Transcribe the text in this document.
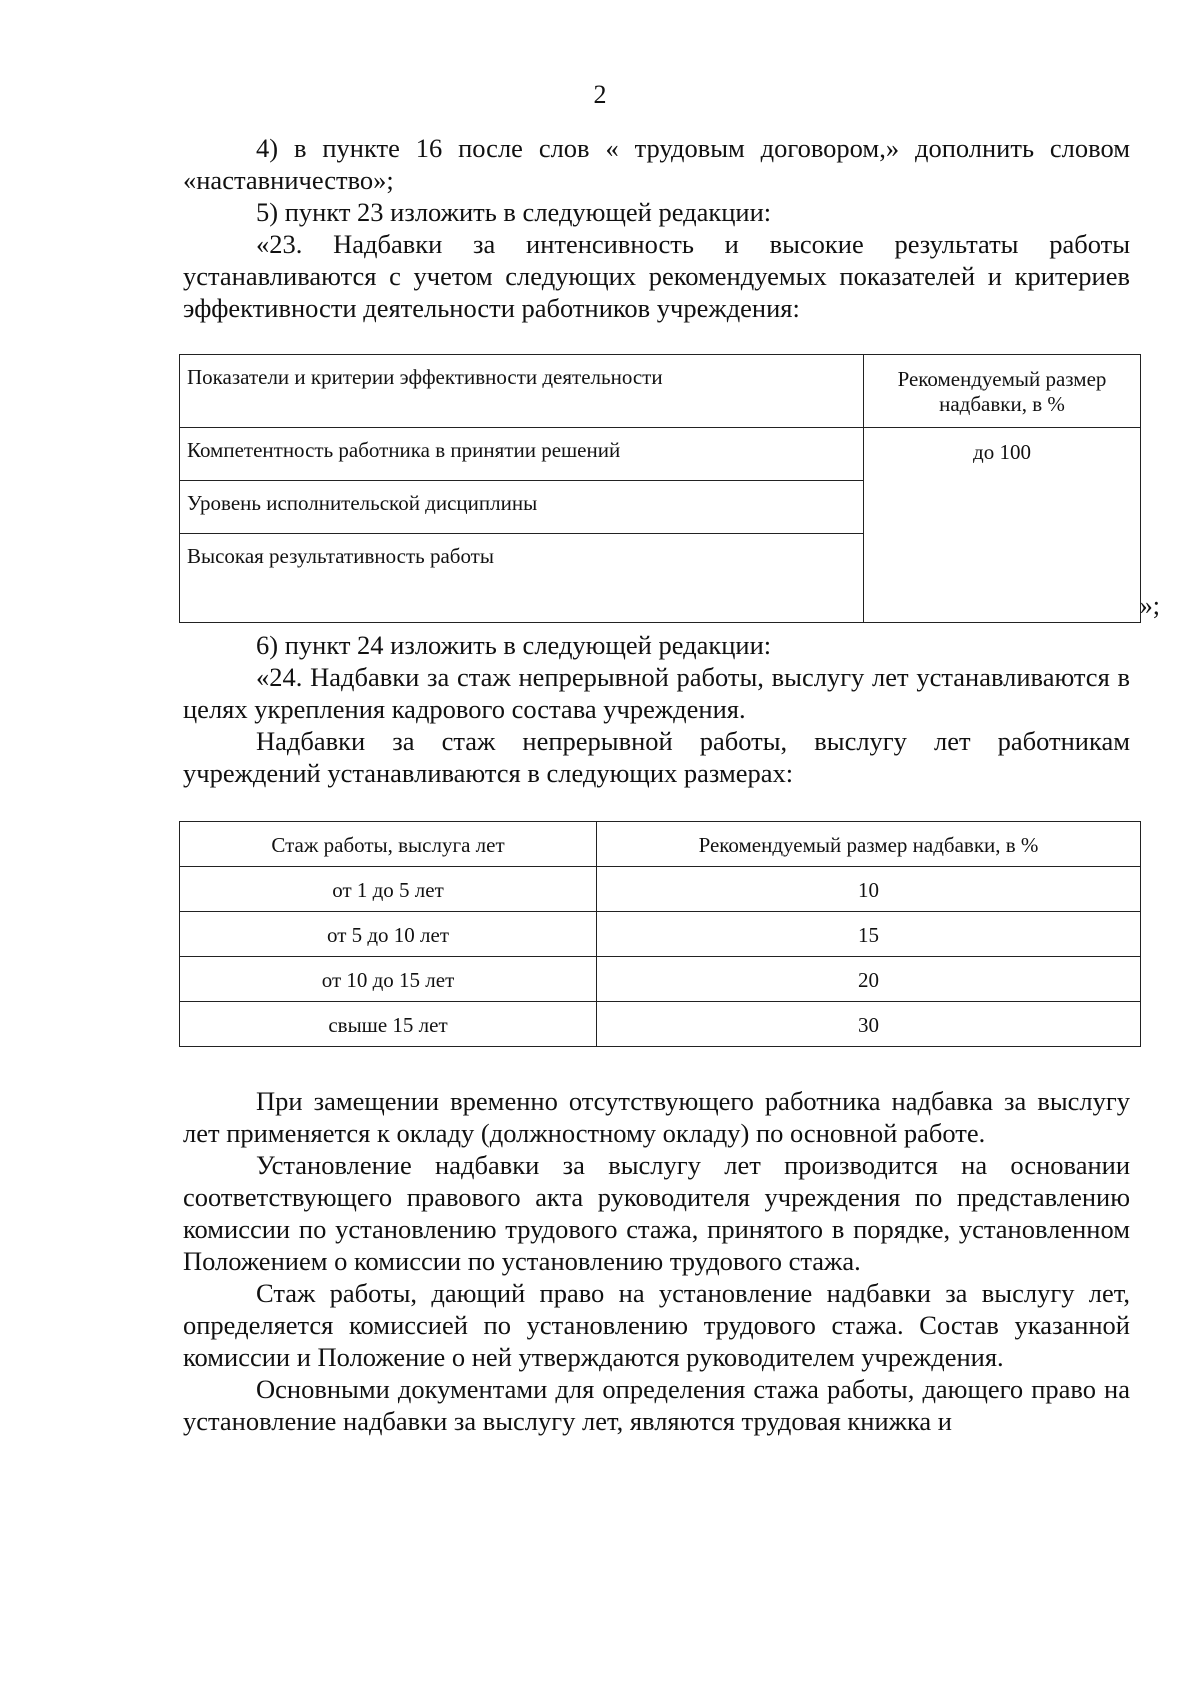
2

4) в пункте 16 после слов « трудовым договором,» дополнить словом «наставничество»;

5) пункт 23 изложить в следующей редакции:

«23. Надбавки за интенсивность и высокие результаты работы устанавливаются с учетом следующих рекомендуемых показателей и критериев эффективности деятельности работников учреждения:

Показатели и критерии эффективности деятельности	Рекомендуемый размер надбавки, в %
Компетентность работника в принятии решений	до 100
Уровень исполнительской дисциплины	
Высокая результативность работы	
»;

6) пункт 24 изложить в следующей редакции:

«24. Надбавки за стаж непрерывной работы, выслугу лет устанавливаются в целях укрепления кадрового состава учреждения.

Надбавки за стаж непрерывной работы, выслугу лет работникам учреждений устанавливаются в следующих размерах:

Стаж работы, выслуга лет	Рекомендуемый размер надбавки, в %
от 1 до 5 лет	10
от 5 до 10 лет	15
от 10 до 15 лет	20
свыше 15 лет	30

При замещении временно отсутствующего работника надбавка за выслугу лет применяется к окладу (должностному окладу) по основной работе.

Установление надбавки за выслугу лет производится на основании соответствующего правового акта руководителя учреждения по представлению комиссии по установлению трудового стажа, принятого в порядке, установленном Положением о комиссии по установлению трудового стажа.

Стаж работы, дающий право на установление надбавки за выслугу лет, определяется комиссией по установлению трудового стажа. Состав указанной комиссии и Положение о ней утверждаются руководителем учреждения.

Основными документами для определения стажа работы, дающего право на установление надбавки за выслугу лет, являются трудовая книжка и
